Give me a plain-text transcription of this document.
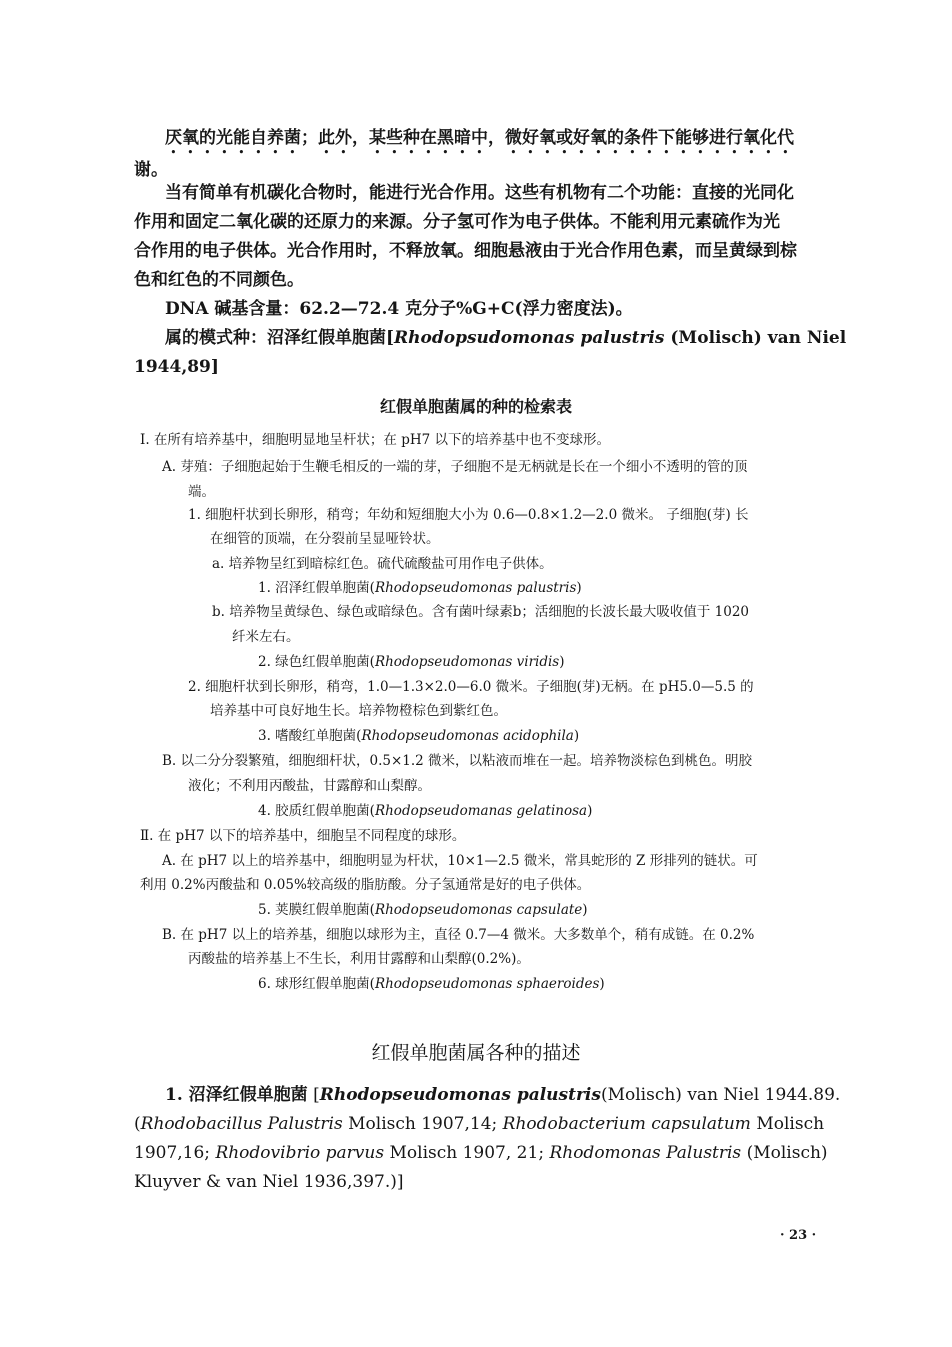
厌氧的光能自养菌；此外，某些种在黑暗中，微好氧或好氧的条件下能够进行氧化代
谢。
当有简单有机碳化合物时，能进行光合作用。这些有机物有二个功能：直接的光同化
作用和固定二氧化碳的还原力的来源。分子氢可作为电子供体。不能利用元素硫作为光
合作用的电子供体。光合作用时，不释放氧。细胞悬液由于光合作用色素，而呈黄绿到棕
色和红色的不同颜色。
DNA 碱基含量：62.2—72.4 克分子%G+C(浮力密度法)。
属的模式种：沼泽红假单胞菌[Rhodopsudomonas palustris (Molisch) van Niel
1944,89]
红假单胞菌属的种的检索表
Ⅰ. 在所有培养基中，细胞明显地呈杆状；在 pH7 以下的培养基中也不变球形。
A. 芽殖：子细胞起始于生鞭毛相反的一端的芽，子细胞不是无柄就是长在一个细小不透明的管的顶
端。
1. 细胞杆状到长卵形，稍弯；年幼和短细胞大小为 0.6—0.8×1.2—2.0 微米。 子细胞(芽) 长
在细管的顶端，在分裂前呈显哑铃状。
a. 培养物呈红到暗棕红色。硫代硫酸盐可用作电子供体。
1. 沼泽红假单胞菌(Rhodopseudomonas palustris)
b. 培养物呈黄绿色、绿色或暗绿色。含有菌叶绿素b；活细胞的长波长最大吸收值于 1020
纤米左右。
2. 绿色红假单胞菌(Rhodopseudomonas viridis)
2. 细胞杆状到长卵形，稍弯，1.0—1.3×2.0—6.0 微米。子细胞(芽)无柄。在 pH5.0—5.5 的
培养基中可良好地生长。培养物橙棕色到紫红色。
3. 嗜酸红单胞菌(Rhodopseudomonas acidophila)
B. 以二分分裂繁殖，细胞细杆状，0.5×1.2 微米，以粘液而堆在一起。培养物淡棕色到桃色。明胶
液化；不利用丙酸盐，甘露醇和山梨醇。
4. 胶质红假单胞菌(Rhodopseudomanas gelatinosa)
Ⅱ. 在 pH7 以下的培养基中，细胞呈不同程度的球形。
A. 在 pH7 以上的培养基中，细胞明显为杆状，10×1—2.5 微米，常具蛇形的 Z 形排列的链状。可
利用 0.2%丙酸盐和 0.05%较高级的脂肪酸。分子氢通常是好的电子供体。
5. 荚膜红假单胞菌(Rhodopseudomonas capsulate)
B. 在 pH7 以上的培养基，细胞以球形为主，直径 0.7—4 微米。大多数单个，稍有成链。在 0.2%
丙酸盐的培养基上不生长，利用甘露醇和山梨醇(0.2%)。
6. 球形红假单胞菌(Rhodopseudomonas sphaeroides)
红假单胞菌属各种的描述
1. 沼泽红假单胞菌 [Rhodopseudomonas palustris(Molisch) van Niel 1944.89.
(Rhodobacillus Palustris Molisch 1907,14; Rhodobacterium capsulatum Molisch
1907,16; Rhodovibrio parvus Molisch 1907, 21; Rhodomonas Palustris (Molisch)
Kluyver & van Niel 1936,397.)]
· 23 ·
